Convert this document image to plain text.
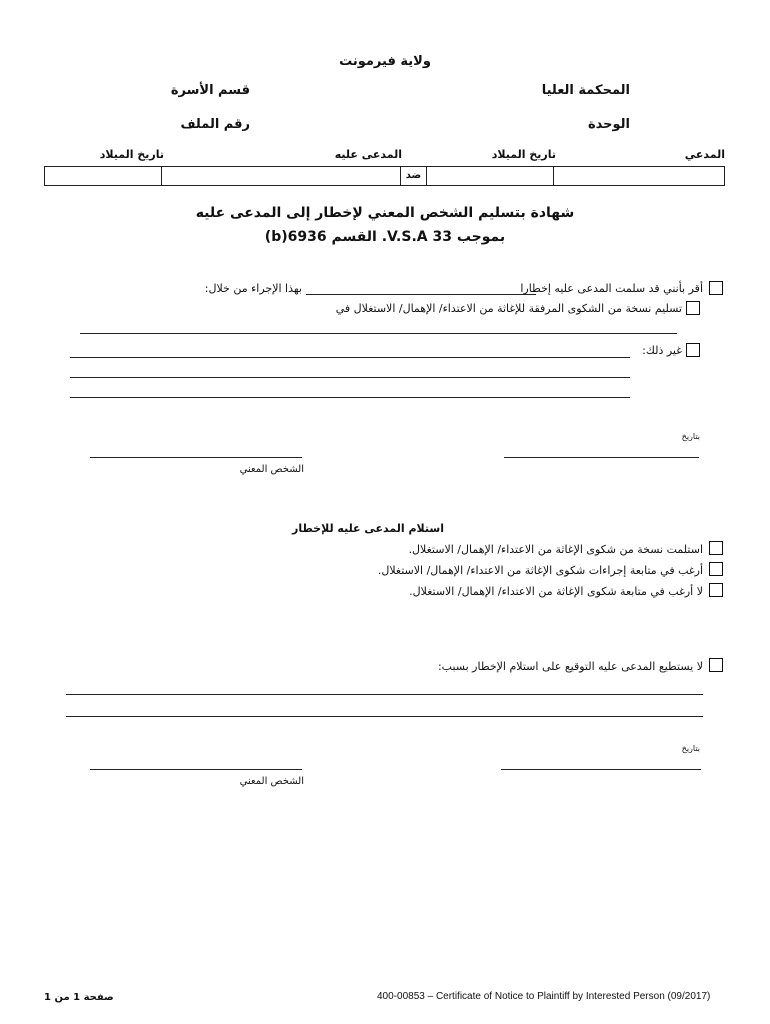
ولاية فيرمونت
المحكمة العليا
قسم الأسرة
الوحدة
رقم الملف
المدعي
تاريخ الميلاد
المدعى عليه
تاريخ الميلاد
ضد
شهادة بتسليم الشخص المعني لإخطار إلى المدعى عليه
بموجب 33 V.S.A. القسم 6936(b)
أقر بأنني قد سلمت المدعى عليه إخطارا
بهذا الإجراء من خلال:
تسليم نسخة من الشكوى المرفقة للإغاثة من الاعتداء/ الإهمال/ الاستغلال في
غير ذلك:
بتاريخ
الشخص المعني
استلام المدعى عليه للإخطار
استلمت نسخة من شكوى الإغاثة من الاعتداء/ الإهمال/ الاستغلال.
أرغب في متابعة إجراءات شكوى الإغاثة من الاعتداء/ الإهمال/ الاستغلال.
لا أرغب في متابعة شكوى الإغاثة من الاعتداء/ الإهمال/ الاستغلال.
لا يستطيع المدعى عليه التوقيع على استلام الإخطار بسبب:
بتاريخ
الشخص المعني
400-00853 – Certificate of Notice to Plaintiff by Interested Person (09/2017)
صفحة 1 من 1
